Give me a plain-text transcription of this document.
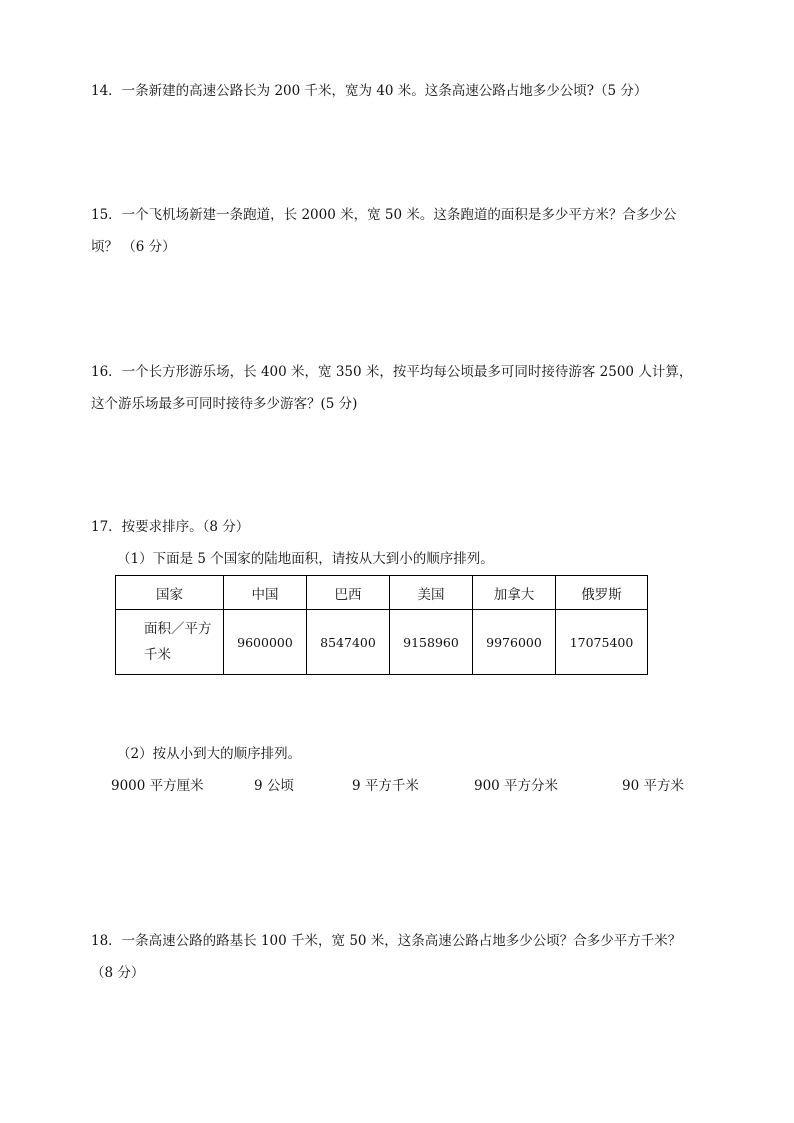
14．一条新建的高速公路长为 200 千米，宽为 40 米。这条高速公路占地多少公顷?（5 分）
15．一个飞机场新建一条跑道，长 2000 米，宽 50 米。这条跑道的面积是多少平方米？合多少公
顷？ （6 分）
16．一个长方形游乐场，长 400 米，宽 350 米，按平均每公顷最多可同时接待游客 2500 人计算，
这个游乐场最多可同时接待多少游客？(5 分)
17．按要求排序。（8 分）
（1）下面是 5 个国家的陆地面积，请按从大到小的顺序排列。
国家	中国	巴西	美国	加拿大	俄罗斯
面积／平方千米	9600000	8547400	9158960	9976000	17075400
（2）按从小到大的顺序排列。
9000 平方厘米	9 公顷	9 平方千米	900 平方分米	90 平方米
18．一条高速公路的路基长 100 千米，宽 50 米，这条高速公路占地多少公顷？合多少平方千米？
（8 分）
